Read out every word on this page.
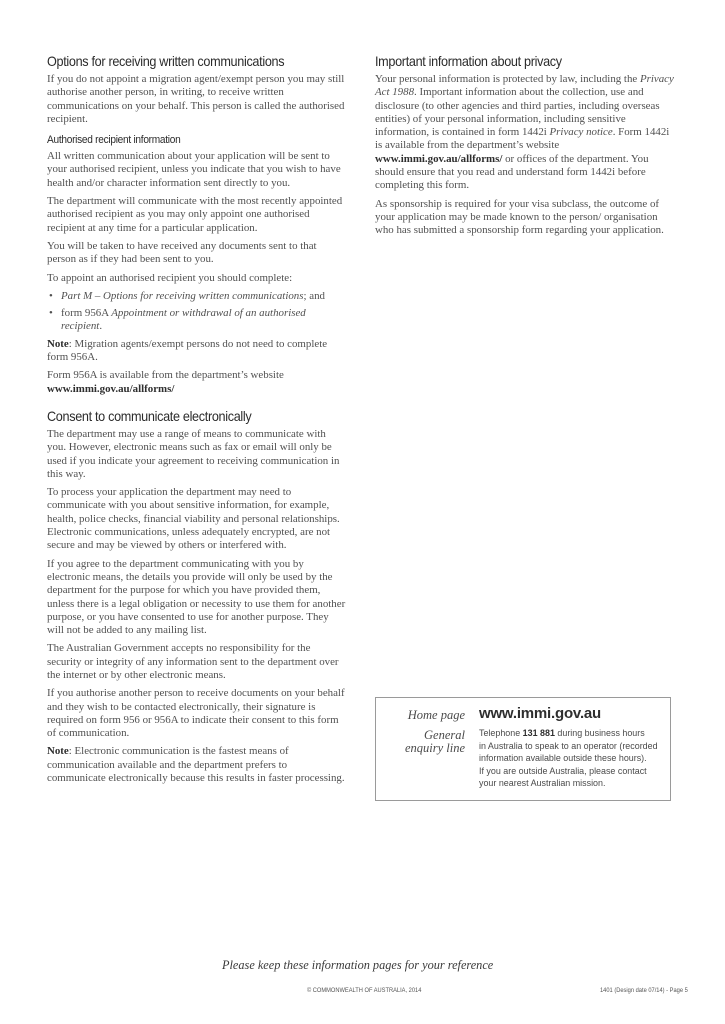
Options for receiving written communications

If you do not appoint a migration agent/exempt person you may still authorise another person, in writing, to receive written communications on your behalf. This person is called the authorised recipient.

Authorised recipient information

All written communication about your application will be sent to your authorised recipient, unless you indicate that you wish to have health and/or character information sent directly to you.

The department will communicate with the most recently appointed authorised recipient as you may only appoint one authorised recipient at any time for a particular application.

You will be taken to have received any documents sent to that person as if they had been sent to you.

To appoint an authorised recipient you should complete:

• Part M – Options for receiving written communications; and
• form 956A Appointment or withdrawal of an authorised recipient.

Note: Migration agents/exempt persons do not need to complete form 956A.

Form 956A is available from the department’s website www.immi.gov.au/allforms/

Consent to communicate electronically

The department may use a range of means to communicate with you. However, electronic means such as fax or email will only be used if you indicate your agreement to receiving communication in this way.

To process your application the department may need to communicate with you about sensitive information, for example, health, police checks, financial viability and personal relationships. Electronic communications, unless adequately encrypted, are not secure and may be viewed by others or interfered with.

If you agree to the department communicating with you by electronic means, the details you provide will only be used by the department for the purpose for which you have provided them, unless there is a legal obligation or necessity to use them for another purpose, or you have consented to use for another purpose. They will not be added to any mailing list.

The Australian Government accepts no responsibility for the security or integrity of any information sent to the department over the internet or by other electronic means.

If you authorise another person to receive documents on your behalf and they wish to be contacted electronically, their signature is required on form 956 or 956A to indicate their consent to this form of communication.

Note: Electronic communication is the fastest means of communication available and the department prefers to communicate electronically because this results in faster processing.

Important information about privacy

Your personal information is protected by law, including the Privacy Act 1988. Important information about the collection, use and disclosure (to other agencies and third parties, including overseas entities) of your personal information, including sensitive information, is contained in form 1442i Privacy notice. Form 1442i is available from the department’s website www.immi.gov.au/allforms/ or offices of the department. You should ensure that you read and understand form 1442i before completing this form.

As sponsorship is required for your visa subclass, the outcome of your application may be made known to the person/ organisation who has submitted a sponsorship form regarding your application.

Home page www.immi.gov.au
General
enquiry line
Telephone 131 881 during business hours
in Australia to speak to an operator (recorded
information available outside these hours).
If you are outside Australia, please contact
your nearest Australian mission.
Please keep these information pages for your reference
© COMMONWEALTH OF AUSTRALIA, 2014	1401 (Design date 07/14) - Page 5
